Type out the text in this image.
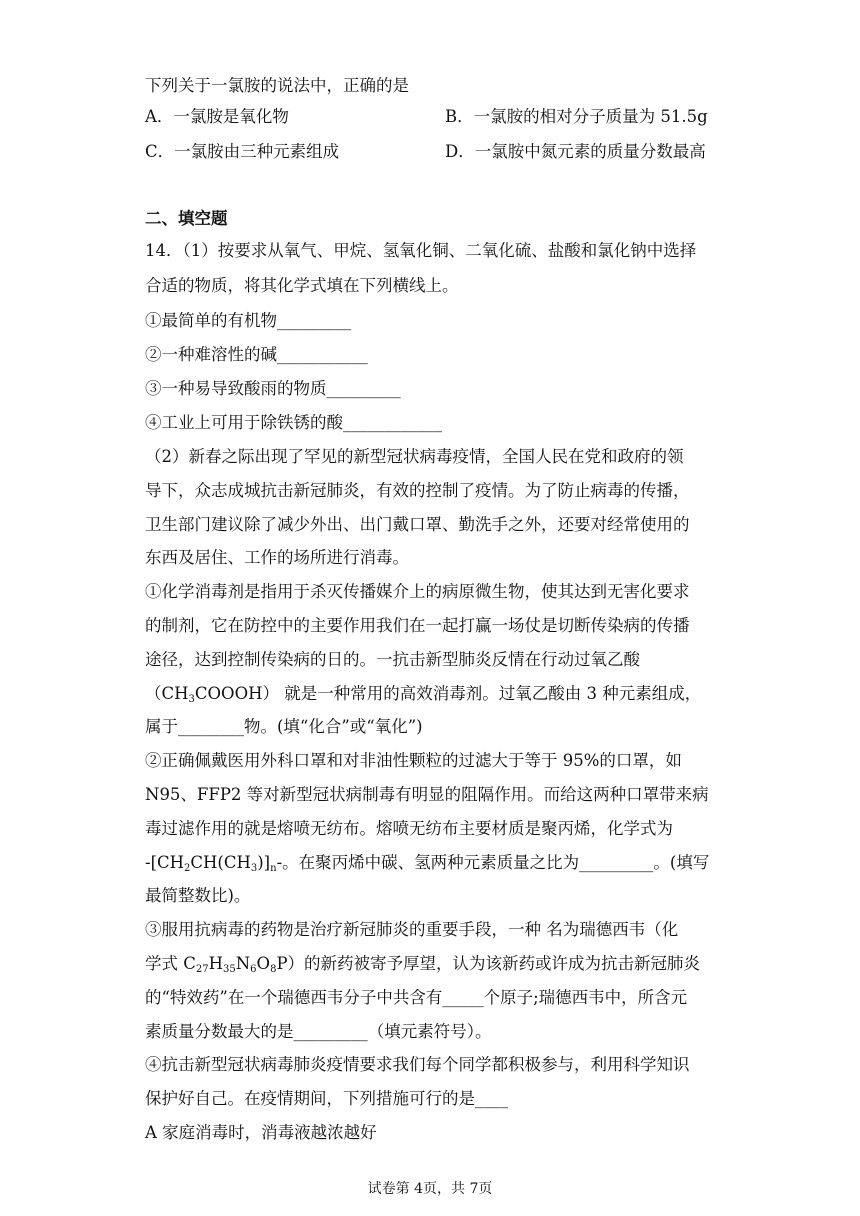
下列关于一氯胺的说法中，正确的是
A．一氯胺是氧化物	B．一氯胺的相对分子质量为 51.5g
C．一氯胺由三种元素组成	D．一氯胺中氮元素的质量分数最高
二、填空题
14．（1）按要求从氧气、甲烷、氢氧化铜、二氧化硫、盐酸和氯化钠中选择
合适的物质，将其化学式填在下列横线上。
①最简单的有机物_________
②一种难溶性的碱___________
③一种易导致酸雨的物质_________
④工业上可用于除铁锈的酸____________
（2）新春之际出现了罕见的新型冠状病毒疫情，全国人民在党和政府的领
导下，众志成城抗击新冠肺炎，有效的控制了疫情。为了防止病毒的传播，
卫生部门建议除了减少外出、出门戴口罩、勤洗手之外，还要对经常使用的
东西及居住、工作的场所进行消毒。
①化学消毒剂是指用于杀灭传播媒介上的病原微生物，使其达到无害化要求
的制剂，它在防控中的主要作用我们在一起打赢一场仗是切断传染病的传播
途径，达到控制传染病的日的。一抗击新型肺炎反情在行动过氧乙酸
$(CH_3COOOH)$ 就是一种常用的高效消毒剂。过氧乙酸由 3 种元素组成，
属于________物。(填“化合”或“氧化”)
②正确佩戴医用外科口罩和对非油性颗粒的过滤大于等于 95%的口罩，如
N95、FFP2 等对新型冠状病制毒有明显的阻隔作用。而给这两种口罩带来病
毒过滤作用的就是熔喷无纺布。熔喷无纺布主要材质是聚丙烯，化学式为
$-[CH_2CH(CH_3)]_n-$。在聚丙烯中碳、氢两种元素质量之比为_________。(填写
最简整数比)。
③服用抗病毒的药物是治疗新冠肺炎的重要手段，一种 名为瑞德西韦（化
学式 $C_{27}H_{35}N_6O_8P$）的新药被寄予厚望，认为该新药或许成为抗击新冠肺炎
的“特效药”在一个瑞德西韦分子中共含有_____个原子;瑞德西韦中，所含元
素质量分数最大的是_________（填元素符号）。
④抗击新型冠状病毒肺炎疫情要求我们每个同学都积极参与，利用科学知识
保护好自己。在疫情期间，下列措施可行的是____
A 家庭消毒时，消毒液越浓越好
试卷第 4页，共 7页
